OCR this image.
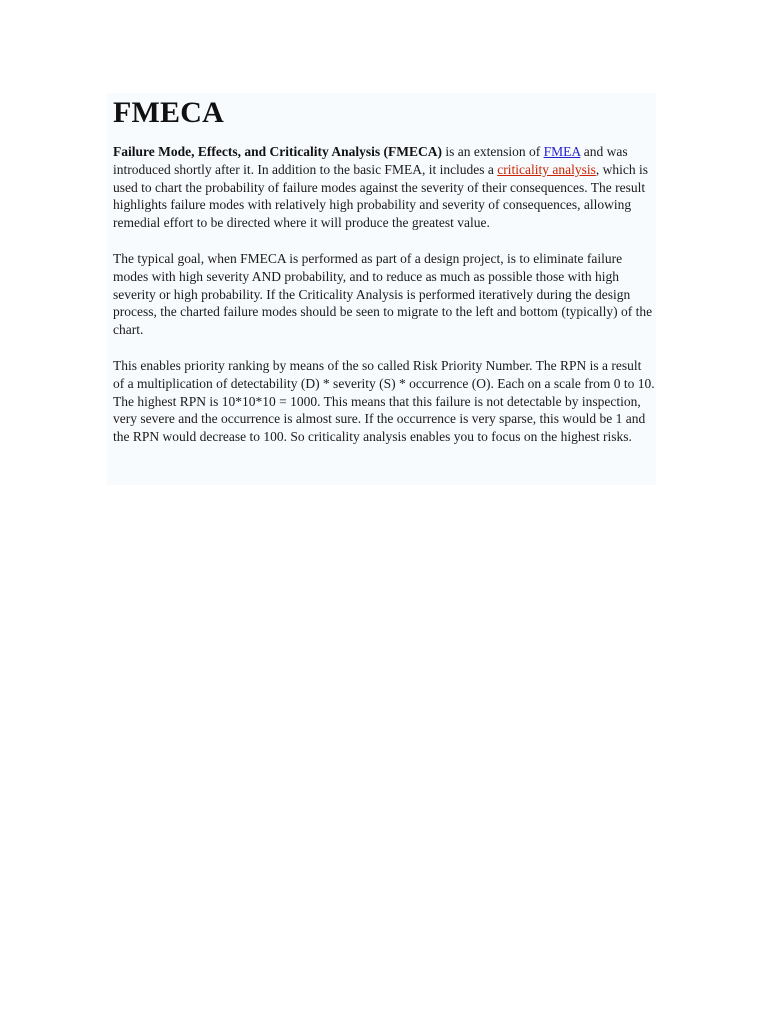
FMECA

Failure Mode, Effects, and Criticality Analysis (FMECA) is an extension of FMEA and was introduced shortly after it. In addition to the basic FMEA, it includes a criticality analysis, which is used to chart the probability of failure modes against the severity of their consequences. The result highlights failure modes with relatively high probability and severity of consequences, allowing remedial effort to be directed where it will produce the greatest value.

The typical goal, when FMECA is performed as part of a design project, is to eliminate failure modes with high severity AND probability, and to reduce as much as possible those with high severity or high probability. If the Criticality Analysis is performed iteratively during the design process, the charted failure modes should be seen to migrate to the left and bottom (typically) of the chart.

This enables priority ranking by means of the so called Risk Priority Number. The RPN is a result of a multiplication of detectability (D) * severity (S) * occurrence (O). Each on a scale from 0 to 10. The highest RPN is 10*10*10 = 1000. This means that this failure is not detectable by inspection, very severe and the occurrence is almost sure. If the occurrence is very sparse, this would be 1 and the RPN would decrease to 100. So criticality analysis enables you to focus on the highest risks.
